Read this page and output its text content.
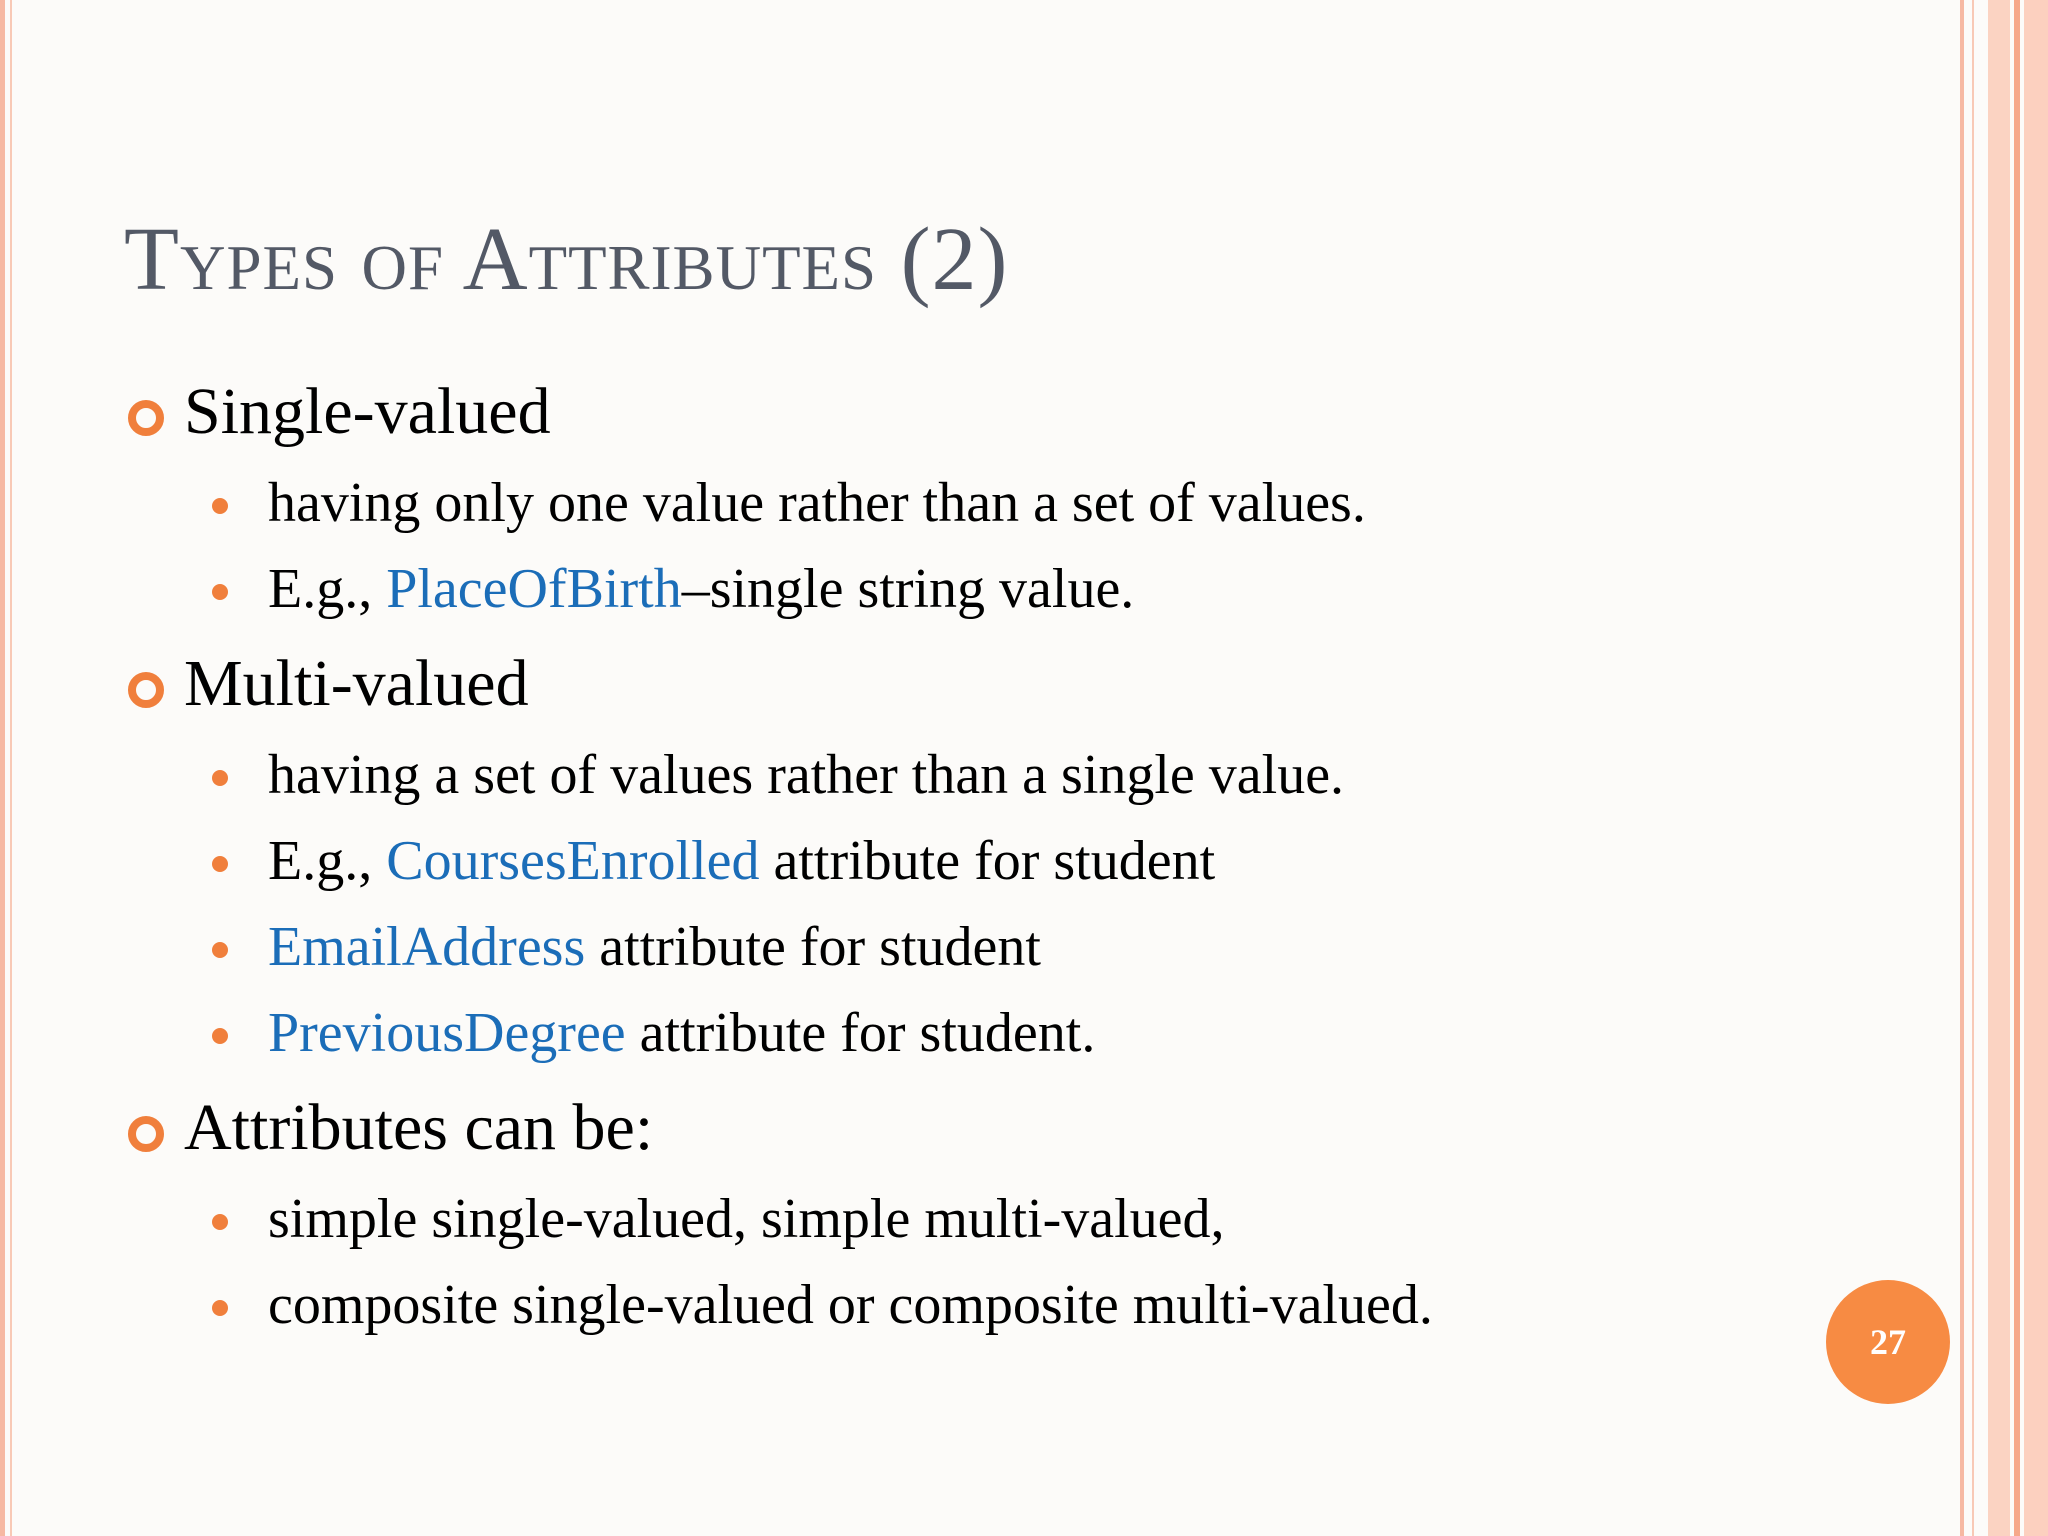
Types of Attributes (2)
Single-valued
having only one value rather than a set of values.
E.g., PlaceOfBirth–single string value.
Multi-valued
having a set of values rather than a single value.
E.g., CoursesEnrolled attribute for student
EmailAddress attribute for student
PreviousDegree attribute for student.
Attributes can be:
simple single-valued, simple multi-valued,
composite single-valued or composite multi-valued.
27
